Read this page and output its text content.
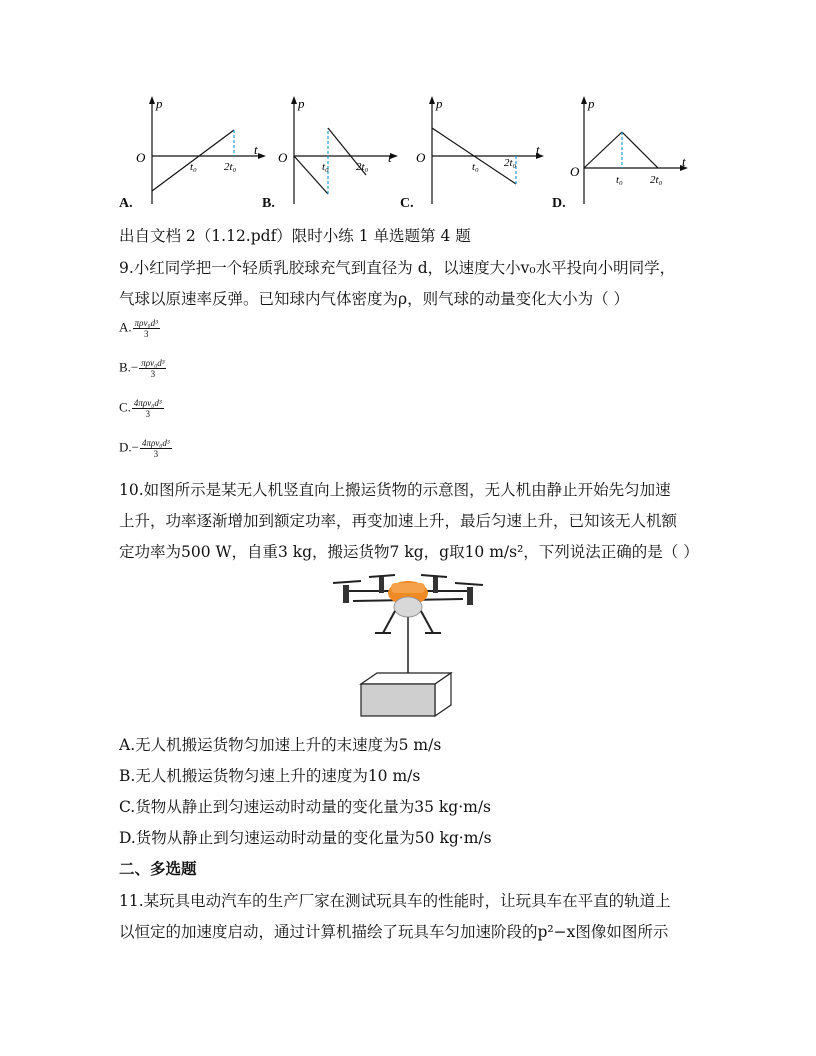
p
t
O
t₀ 2t₀
A.
p
t
O
t₀ 2t₀
B.
p
t
O
t₀ 2t₀
C.
p
t
O
t₀ 2t₀
D.
出自文档 2（1.12.pdf）限时小练 1 单选题第 4 题
9.小红同学把一个轻质乳胶球充气到直径为 d，以速度大小v₀水平投向小明同学，
气球以原速率反弹。已知球内气体密度为ρ，则气球的动量变化大小为（ ）
A. $\frac{\text{πρv₀d³}}{3}$
$B.- \frac{\text{πρv₀d³}}{3}$
C. $\frac{\text{4πρv₀d³}}{3}$
$D.- \frac{\text{4πρv₀d³}}{3}$
10.如图所示是某无人机竖直向上搬运货物的示意图，无人机由静止开始先匀加速
上升，功率逐渐增加到额定功率，再变加速上升，最后匀速上升，已知该无人机额
定功率为500 W，自重3 kg，搬运货物7 kg，g取10 m/s²，下列说法正确的是（ ）
A.无人机搬运货物匀加速上升的末速度为5 m/s
B.无人机搬运货物匀速上升的速度为10 m/s
C.货物从静止到匀速运动时动量的变化量为35 kg·m/s
D.货物从静止到匀速运动时动量的变化量为50 kg·m/s
二、多选题
11.某玩具电动汽车的生产厂家在测试玩具车的性能时，让玩具车在平直的轨道上
以恒定的加速度启动，通过计算机描绘了玩具车匀加速阶段的p²−x图像如图所示
